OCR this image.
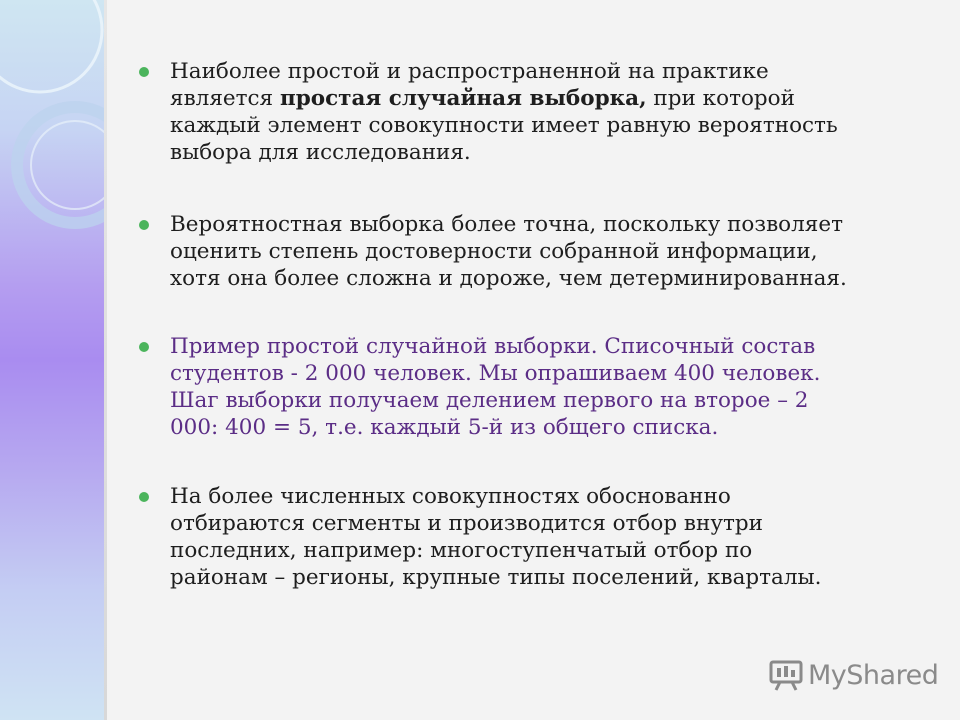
Наиболее простой и распространенной на практике
является простая случайная выборка, при которой
каждый элемент совокупности имеет равную вероятность
выбора для исследования.

Вероятностная выборка более точна, поскольку позволяет
оценить степень достоверности собранной информации,
хотя она более сложна и дороже, чем детерминированная.

Пример простой случайной выборки. Списочный состав
студентов - 2 000 человек. Мы опрашиваем 400 человек.
Шаг выборки получаем делением первого на второе – 2
000: 400 = 5, т.е. каждый 5-й из общего списка.

На более численных совокупностях обоснованно
отбираются сегменты и производится отбор внутри
последних, например: многоступенчатый отбор по
районам – регионы, крупные типы поселений, кварталы.

MyShared
